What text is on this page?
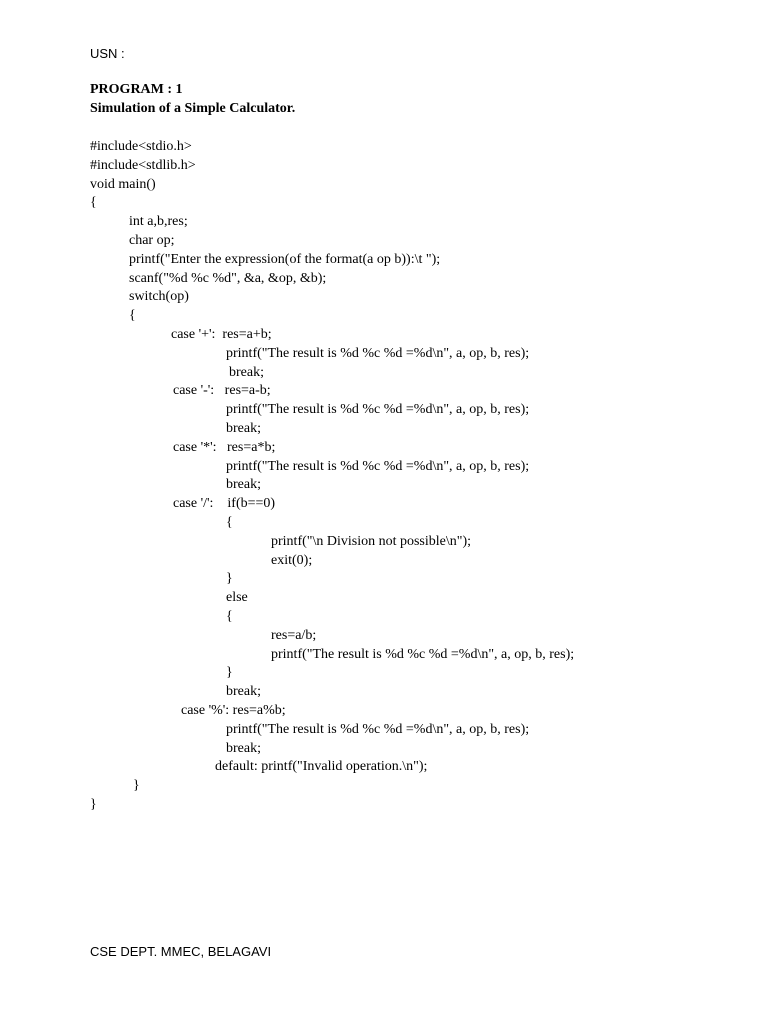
USN :
PROGRAM : 1
Simulation of a Simple Calculator.
#include<stdio.h>
#include<stdlib.h>
void main()
{
int a,b,res;
char op;
printf("Enter the expression(of the format(a op b)):\t ");
scanf("%d %c %d", &a, &op, &b);
switch(op)
{
case '+':  res=a+b;
printf("The result is %d %c %d =%d\n", a, op, b, res);
break;
case '-':   res=a-b;
printf("The result is %d %c %d =%d\n", a, op, b, res);
break;
case '*':   res=a*b;
printf("The result is %d %c %d =%d\n", a, op, b, res);
break;
case '/':    if(b==0)
{
printf("\n Division not possible\n");
exit(0);
}
else
{
res=a/b;
printf("The result is %d %c %d =%d\n", a, op, b, res);
}
break;
case '%': res=a%b;
printf("The result is %d %c %d =%d\n", a, op, b, res);
break;
default: printf("Invalid operation.\n");
}
}
CSE DEPT. MMEC, BELAGAVI
